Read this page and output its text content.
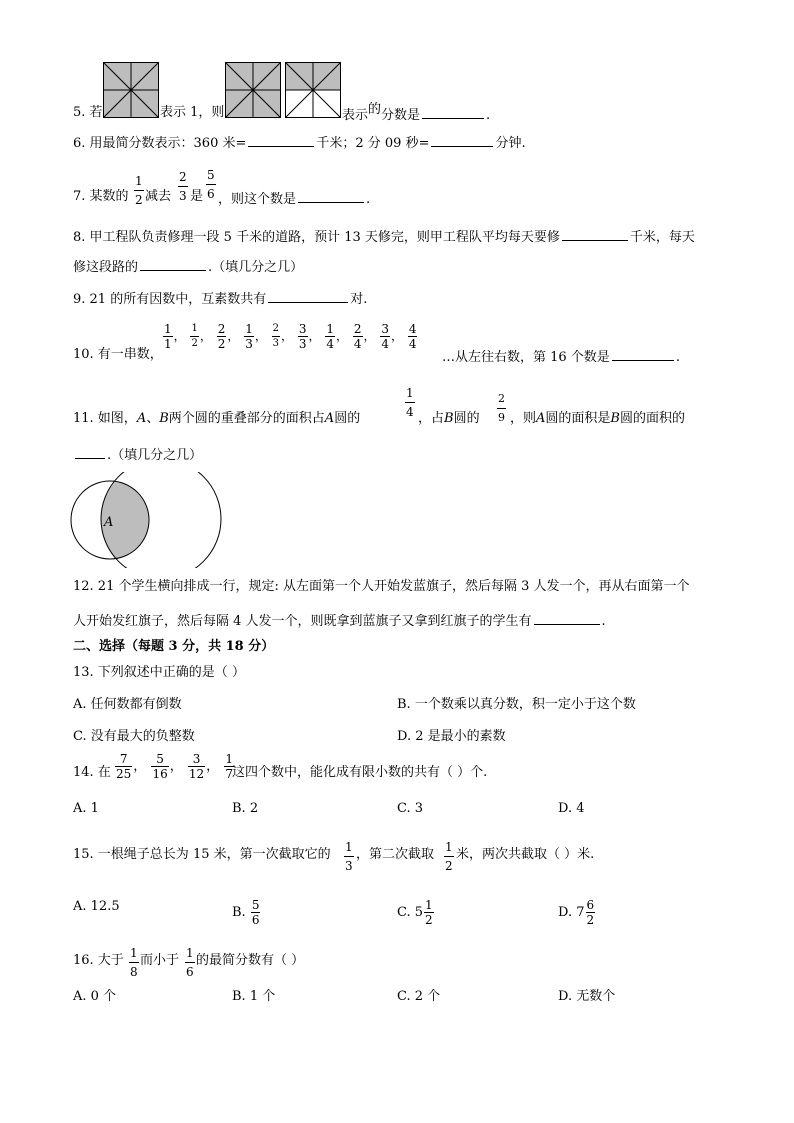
5. 若	表示 1，则	表示的分数是	.
6. 用最简分数表示：360 米=	千米；2 分 09 秒=	分钟.
7. 某数的 $\frac{1}{2}$ 减去 $\frac{2}{3}$ 是 $\frac{5}{6}$ ，则这个数是	.
8. 甲工程队负责修理一段 5 千米的道路，预计 13 天修完，则甲工程队平均每天要修	千米，每天
修这段路的	.（填几分之几）
9. 21 的所有因数中，互素数共有	对.
10. 有一串数，
$\frac{1}{1}$ ， $\frac{1}{2}$ ， $\frac{2}{2}$ ， $\frac{1}{3}$ ， $\frac{2}{3}$ ， $\frac{3}{3}$ ， $\frac{1}{4}$ ， $\frac{2}{4}$ ， $\frac{3}{4}$ ， $\frac{4}{4}$
…从左往右数，第 16 个数是	.
11. 如图，A、B两个圆的重叠部分的面积占A圆的	$\frac{1}{4}$ ，占B圆的 $\frac{2}{9}$ ，则A圆的面积是B圆的面积的
.（填几分之几）
A
12. 21 个学生横向排成一行，规定: 从左面第一个人开始发蓝旗子，然后每隔 3 人发一个，再从右面第一个
人开始发红旗子，然后每隔 4 人发一个，则既拿到蓝旗子又拿到红旗子的学生有	.
二、选择（每题 3 分，共 18 分）
13. 下列叙述中正确的是（ ）
A. 任何数都有倒数	B. 一个数乘以真分数，积一定小于这个数
C. 没有最大的负整数	D. 2 是最小的素数
14. 在 $\frac{7}{25}$ ， $\frac{5}{16}$ ， $\frac{3}{12}$ ， $\frac{1}{7}$
这四个数中，能化成有限小数的共有（ ）个.
A. 1	B. 2	C. 3	D. 4
15. 一根绳子总长为 15 米，第一次截取它的 $\frac{1}{3}$ ，第二次截取 $\frac{1}{2}$ 米，两次共截取（ ）米.
A. 12.5	B. $\frac{5}{6}$	C. $5 \frac{1}{2}$	D. $7 \frac{6}{2}$
16. 大于 $\frac{1}{8}$ 而小于 $\frac{1}{6}$ 的最简分数有（ ）
A. 0 个	B. 1 个	C. 2 个	D. 无数个
